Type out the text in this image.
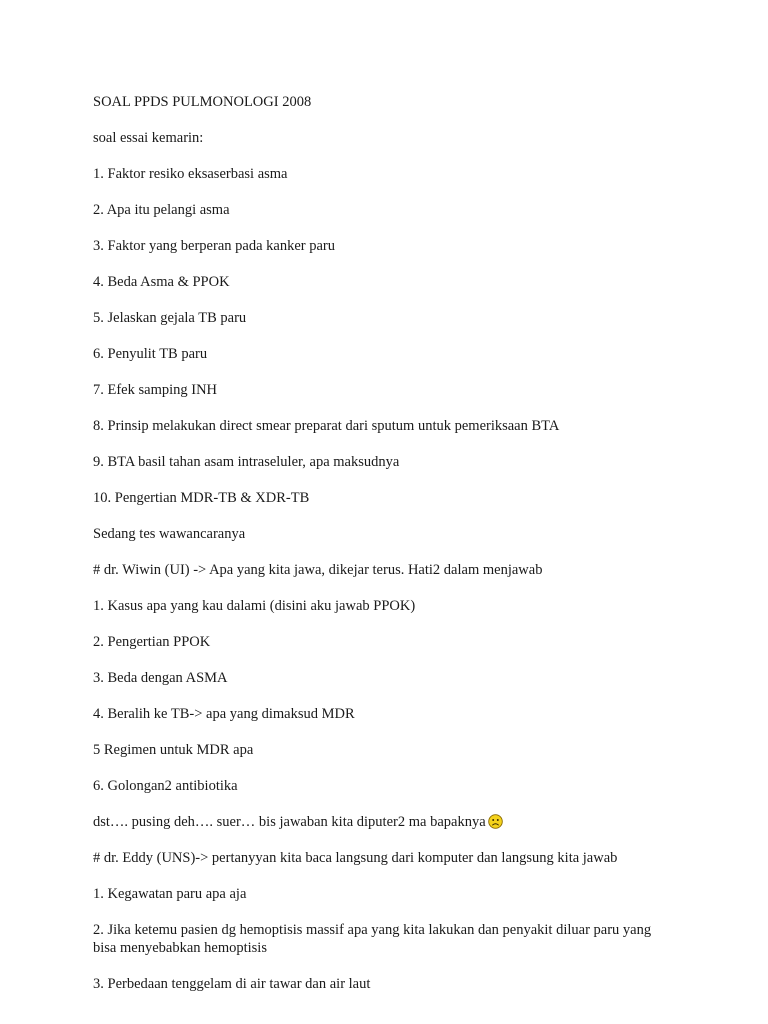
SOAL PPDS PULMONOLOGI 2008

soal essai kemarin:

1. Faktor resiko eksaserbasi asma

2. Apa itu pelangi asma

3. Faktor yang berperan pada kanker paru

4. Beda Asma & PPOK

5. Jelaskan gejala TB paru

6. Penyulit TB paru

7. Efek samping INH

8. Prinsip melakukan direct smear preparat dari sputum untuk pemeriksaan BTA

9. BTA basil tahan asam intraseluler, apa maksudnya

10. Pengertian MDR-TB & XDR-TB

Sedang tes wawancaranya

# dr. Wiwin (UI) -> Apa yang kita jawa, dikejar terus. Hati2 dalam menjawab

1. Kasus apa yang kau dalami (disini aku jawab PPOK)

2. Pengertian PPOK

3. Beda dengan ASMA

4. Beralih ke TB-> apa yang dimaksud MDR

5 Regimen untuk MDR apa

6. Golongan2 antibiotika

dst…. pusing deh…. suer… bis jawaban kita diputer2 ma bapaknya

# dr. Eddy (UNS)-> pertanyyan kita baca langsung dari komputer dan langsung kita jawab

1. Kegawatan paru apa aja

2. Jika ketemu pasien dg hemoptisis massif apa yang kita lakukan dan penyakit diluar paru yang bisa menyebabkan hemoptisis

3. Perbedaan tenggelam di air tawar dan air laut
